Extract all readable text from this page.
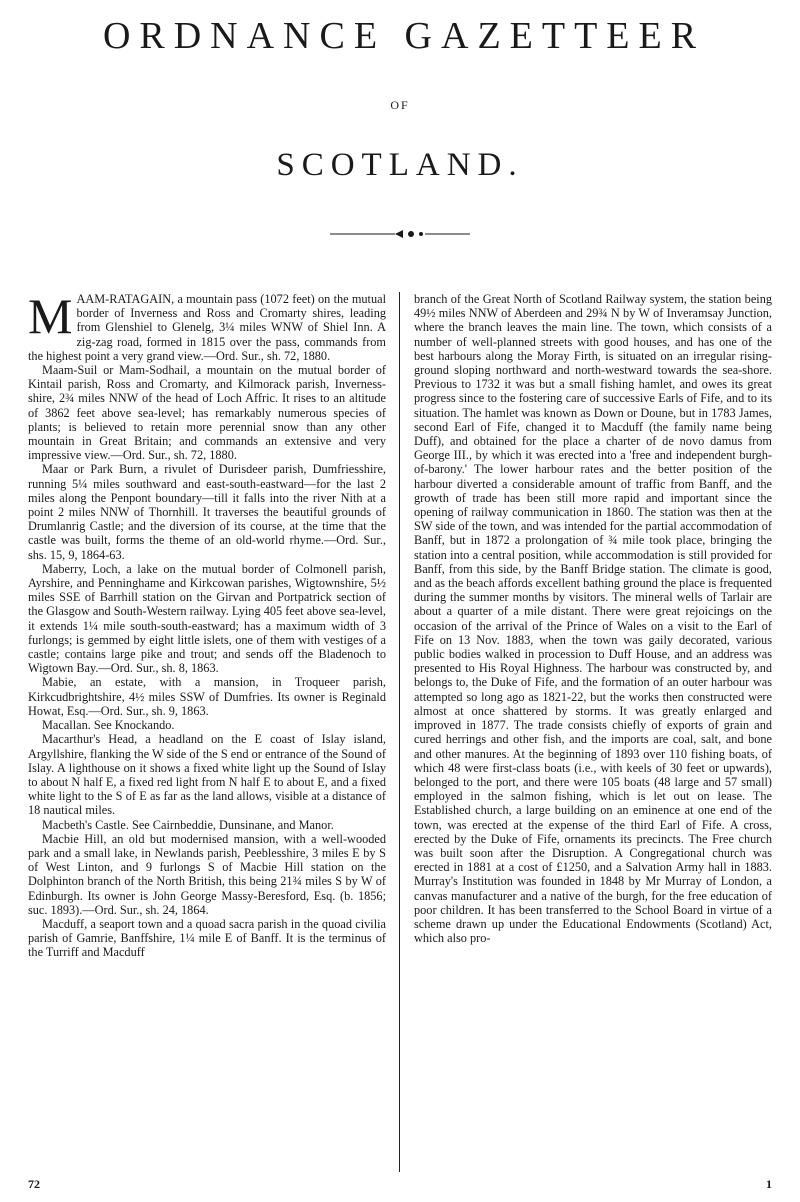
ORDNANCE GAZETTEER
OF
SCOTLAND.
M AAM-RATAGAIN, a mountain pass (1072 feet) on the mutual border of Inverness and Ross and Cromarty shires, leading from Glenshiel to Glenelg, 3¼ miles WNW of Shiel Inn. A zig-zag road, formed in 1815 over the pass, commands from the highest point a very grand view.—Ord. Sur., sh. 72, 1880.

Maam-Suil or Mam-Sodhail, a mountain on the mutual border of Kintail parish, Ross and Cromarty, and Kilmorack parish, Inverness-shire, 2¾ miles NNW of the head of Loch Affric. It rises to an altitude of 3862 feet above sea-level; has remarkably numerous species of plants; is believed to retain more perennial snow than any other mountain in Great Britain; and commands an extensive and very impressive view.—Ord. Sur., sh. 72, 1880.

Maar or Park Burn, a rivulet of Durisdeer parish, Dumfriesshire, running 5¼ miles southward and east-south-eastward—for the last 2 miles along the Penpont boundary—till it falls into the river Nith at a point 2 miles NNW of Thornhill. It traverses the beautiful grounds of Drumlanrig Castle; and the diversion of its course, at the time that the castle was built, forms the theme of an old-world rhyme.—Ord. Sur., shs. 15, 9, 1864-63.

Maberry, Loch, a lake on the mutual border of Colmonell parish, Ayrshire, and Penninghame and Kirkcowan parishes, Wigtownshire, 5½ miles SSE of Barrhill station on the Girvan and Portpatrick section of the Glasgow and South-Western railway. Lying 405 feet above sea-level, it extends 1¼ mile south-south-eastward; has a maximum width of 3 furlongs; is gemmed by eight little islets, one of them with vestiges of a castle; contains large pike and trout; and sends off the Bladenoch to Wigtown Bay.—Ord. Sur., sh. 8, 1863.

Mabie, an estate, with a mansion, in Troqueer parish, Kirkcudbrightshire, 4½ miles SSW of Dumfries. Its owner is Reginald Howat, Esq.—Ord. Sur., sh. 9, 1863.

Macallan. See Knockando.

Macarthur's Head, a headland on the E coast of Islay island, Argyllshire, flanking the W side of the S end or entrance of the Sound of Islay. A lighthouse on it shows a fixed white light up the Sound of Islay to about N half E, a fixed red light from N half E to about E, and a fixed white light to the S of E as far as the land allows, visible at a distance of 18 nautical miles.

Macbeth's Castle. See Cairnbeddie, Dunsinane, and Manor.

Macbie Hill, an old but modernised mansion, with a well-wooded park and a small lake, in Newlands parish, Peeblesshire, 3 miles E by S of West Linton, and 9 furlongs S of Macbie Hill station on the Dolphinton branch of the North British, this being 21¾ miles S by W of Edinburgh. Its owner is John George Massy-Beresford, Esq. (b. 1856; suc. 1893).—Ord. Sur., sh. 24, 1864.

Macduff, a seaport town and a quoad sacra parish in the quoad civilia parish of Gamrie, Banffshire, 1¼ mile E of Banff. It is the terminus of the Turriff and Macduff

branch of the Great North of Scotland Railway system, the station being 49½ miles NNW of Aberdeen and 29¾ N by W of Inveramsay Junction, where the branch leaves the main line. The town, which consists of a number of well-planned streets with good houses, and has one of the best harbours along the Moray Firth, is situated on an irregular rising-ground sloping northward and north-westward towards the sea-shore. Previous to 1732 it was but a small fishing hamlet, and owes its great progress since to the fostering care of successive Earls of Fife, and to its situation. The hamlet was known as Down or Doune, but in 1783 James, second Earl of Fife, changed it to Macduff (the family name being Duff), and obtained for the place a charter of de novo damus from George III., by which it was erected into a 'free and independent burgh-of-barony.' The lower harbour rates and the better position of the harbour diverted a considerable amount of traffic from Banff, and the growth of trade has been still more rapid and important since the opening of railway communication in 1860. The station was then at the SW side of the town, and was intended for the partial accommodation of Banff, but in 1872 a prolongation of ¾ mile took place, bringing the station into a central position, while accommodation is still provided for Banff, from this side, by the Banff Bridge station. The climate is good, and as the beach affords excellent bathing ground the place is frequented during the summer months by visitors. The mineral wells of Tarlair are about a quarter of a mile distant. There were great rejoicings on the occasion of the arrival of the Prince of Wales on a visit to the Earl of Fife on 13 Nov. 1883, when the town was gaily decorated, various public bodies walked in procession to Duff House, and an address was presented to His Royal Highness. The harbour was constructed by, and belongs to, the Duke of Fife, and the formation of an outer harbour was attempted so long ago as 1821-22, but the works then constructed were almost at once shattered by storms. It was greatly enlarged and improved in 1877. The trade consists chiefly of exports of grain and cured herrings and other fish, and the imports are coal, salt, and bone and other manures. At the beginning of 1893 over 110 fishing boats, of which 48 were first-class boats (i.e., with keels of 30 feet or upwards), belonged to the port, and there were 105 boats (48 large and 57 small) employed in the salmon fishing, which is let out on lease. The Established church, a large building on an eminence at one end of the town, was erected at the expense of the third Earl of Fife. A cross, erected by the Duke of Fife, ornaments its precincts. The Free church was built soon after the Disruption. A Congregational church was erected in 1881 at a cost of £1250, and a Salvation Army hall in 1883. Murray's Institution was founded in 1848 by Mr Murray of London, a canvas manufacturer and a native of the burgh, for the free education of poor children. It has been transferred to the School Board in virtue of a scheme drawn up under the Educational Endowments (Scotland) Act, which also pro-

72	1
